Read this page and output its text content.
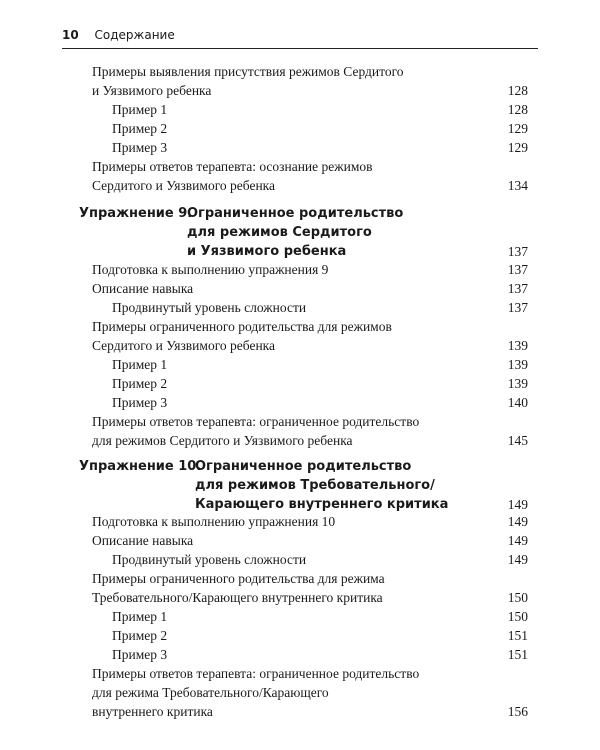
10 Содержание
Примеры выявления присутствия режимов Сердитого
и Уязвимого ребенка	128
Пример 1	128
Пример 2	129
Пример 3	129
Примеры ответов терапевта: осознание режимов
Сердитого и Уязвимого ребенка	134
Упражнение 9.
Ограниченное родительство
для режимов Сердитого
и Уязвимого ребенка	137
Подготовка к выполнению упражнения 9	137
Описание навыка	137
Продвинутый уровень сложности	137
Примеры ограниченного родительства для режимов
Сердитого и Уязвимого ребенка	139
Пример 1	139
Пример 2	139
Пример 3	140
Примеры ответов терапевта: ограниченное родительство
для режимов Сердитого и Уязвимого ребенка	145
Упражнение 10.
Ограниченное родительство
для режимов Требовательного/
Карающего внутреннего критика	149
Подготовка к выполнению упражнения 10	149
Описание навыка	149
Продвинутый уровень сложности	149
Примеры ограниченного родительства для режима
Требовательного/Карающего внутреннего критика	150
Пример 1	150
Пример 2	151
Пример 3	151
Примеры ответов терапевта: ограниченное родительство
для режима Требовательного/Карающего
внутреннего критика	156
